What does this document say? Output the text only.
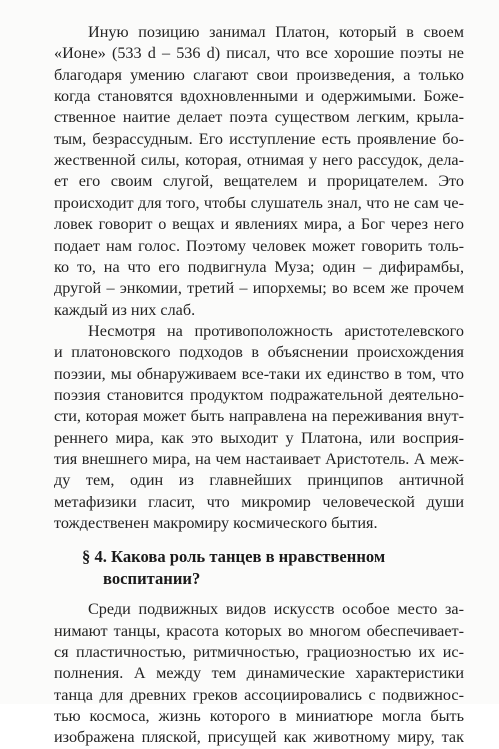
Иную позицию занимал Платон, который в своем
«Ионе» (533 d – 536 d) писал, что все хорошие поэты не
благодаря умению слагают свои произведения, а только
когда становятся вдохновленными и одержимыми. Боже-
ственное наитие делает поэта существом легким, крыла-
тым, безрассудным. Его исступление есть проявление бо-
жественной силы, которая, отнимая у него рассудок, дела-
ет его своим слугой, вещателем и прорицателем. Это
происходит для того, чтобы слушатель знал, что не сам че-
ловек говорит о вещах и явлениях мира, а Бог через него
подает нам голос. Поэтому человек может говорить толь-
ко то, на что его подвигнула Муза; один – дифирамбы,
другой – энкомии, третий – ипорхемы; во всем же прочем
каждый из них слаб.
Несмотря на противоположность аристотелевского
и платоновского подходов в объяснении происхождения
поэзии, мы обнаруживаем все-таки их единство в том, что
поэзия становится продуктом подражательной деятельно-
сти, которая может быть направлена на переживания внут-
реннего мира, как это выходит у Платона, или восприя-
тия внешнего мира, на чем настаивает Аристотель. А меж-
ду тем, один из главнейших принципов античной
метафизики гласит, что микромир человеческой души
тождественен макромиру космического бытия.
§ 4. Какова роль танцев в нравственном
воспитании?
Среди подвижных видов искусств особое место за-
нимают танцы, красота которых во многом обеспечивает-
ся пластичностью, ритмичностью, грациозностью их ис-
полнения. А между тем динамические характеристики
танца для древних греков ассоциировались с подвижнос-
тью космоса, жизнь которого в миниатюре могла быть
изображена пляской, присущей как животному миру, так
